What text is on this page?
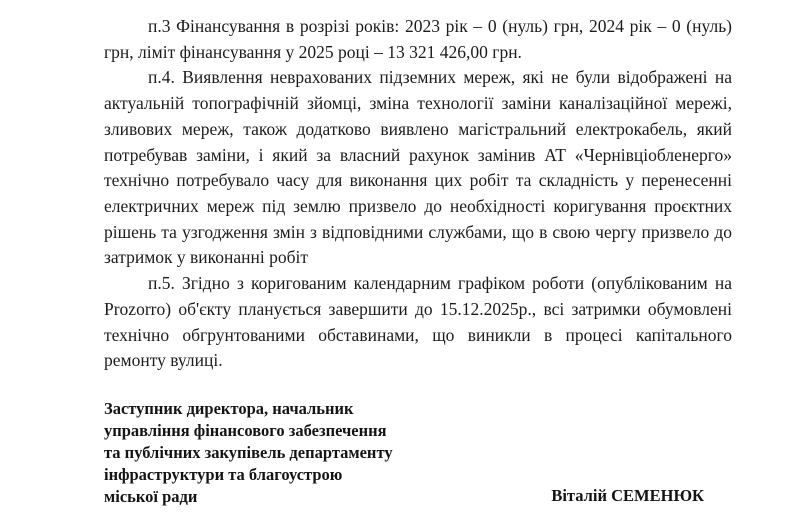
п.3 Фінансування в розрізі років: 2023 рік – 0 (нуль) грн, 2024 рік – 0 (нуль) грн, ліміт фінансування у 2025 році – 13 321 426,00 грн.

п.4. Виявлення неврахованих підземних мереж, які не були відображені на актуальній топографічній зйомці, зміна технології заміни каналізаційної мережі, зливових мереж, також додатково виявлено магістральний електрокабель, який потребував заміни, і який за власний рахунок замінив АТ «Чернівціобленерго» технічно потребувало часу для виконання цих робіт та складність у перенесенні електричних мереж під землю призвело до необхідності коригування проєктних рішень та узгодження змін з відповідними службами, що в свою чергу призвело до затримок у виконанні робіт

п.5. Згідно з коригованим календарним графіком роботи (опублікованим на Prozorro) об'єкту планується завершити до 15.12.2025р., всі затримки обумовлені технічно обгрунтованими обставинами, що виникли в процесі капітального ремонту вулиці.

Заступник директора, начальник
управління фінансового забезпечення
та публічних закупівель департаменту
інфраструктури та благоустрою
міської ради	Віталій СЕМЕНЮК
